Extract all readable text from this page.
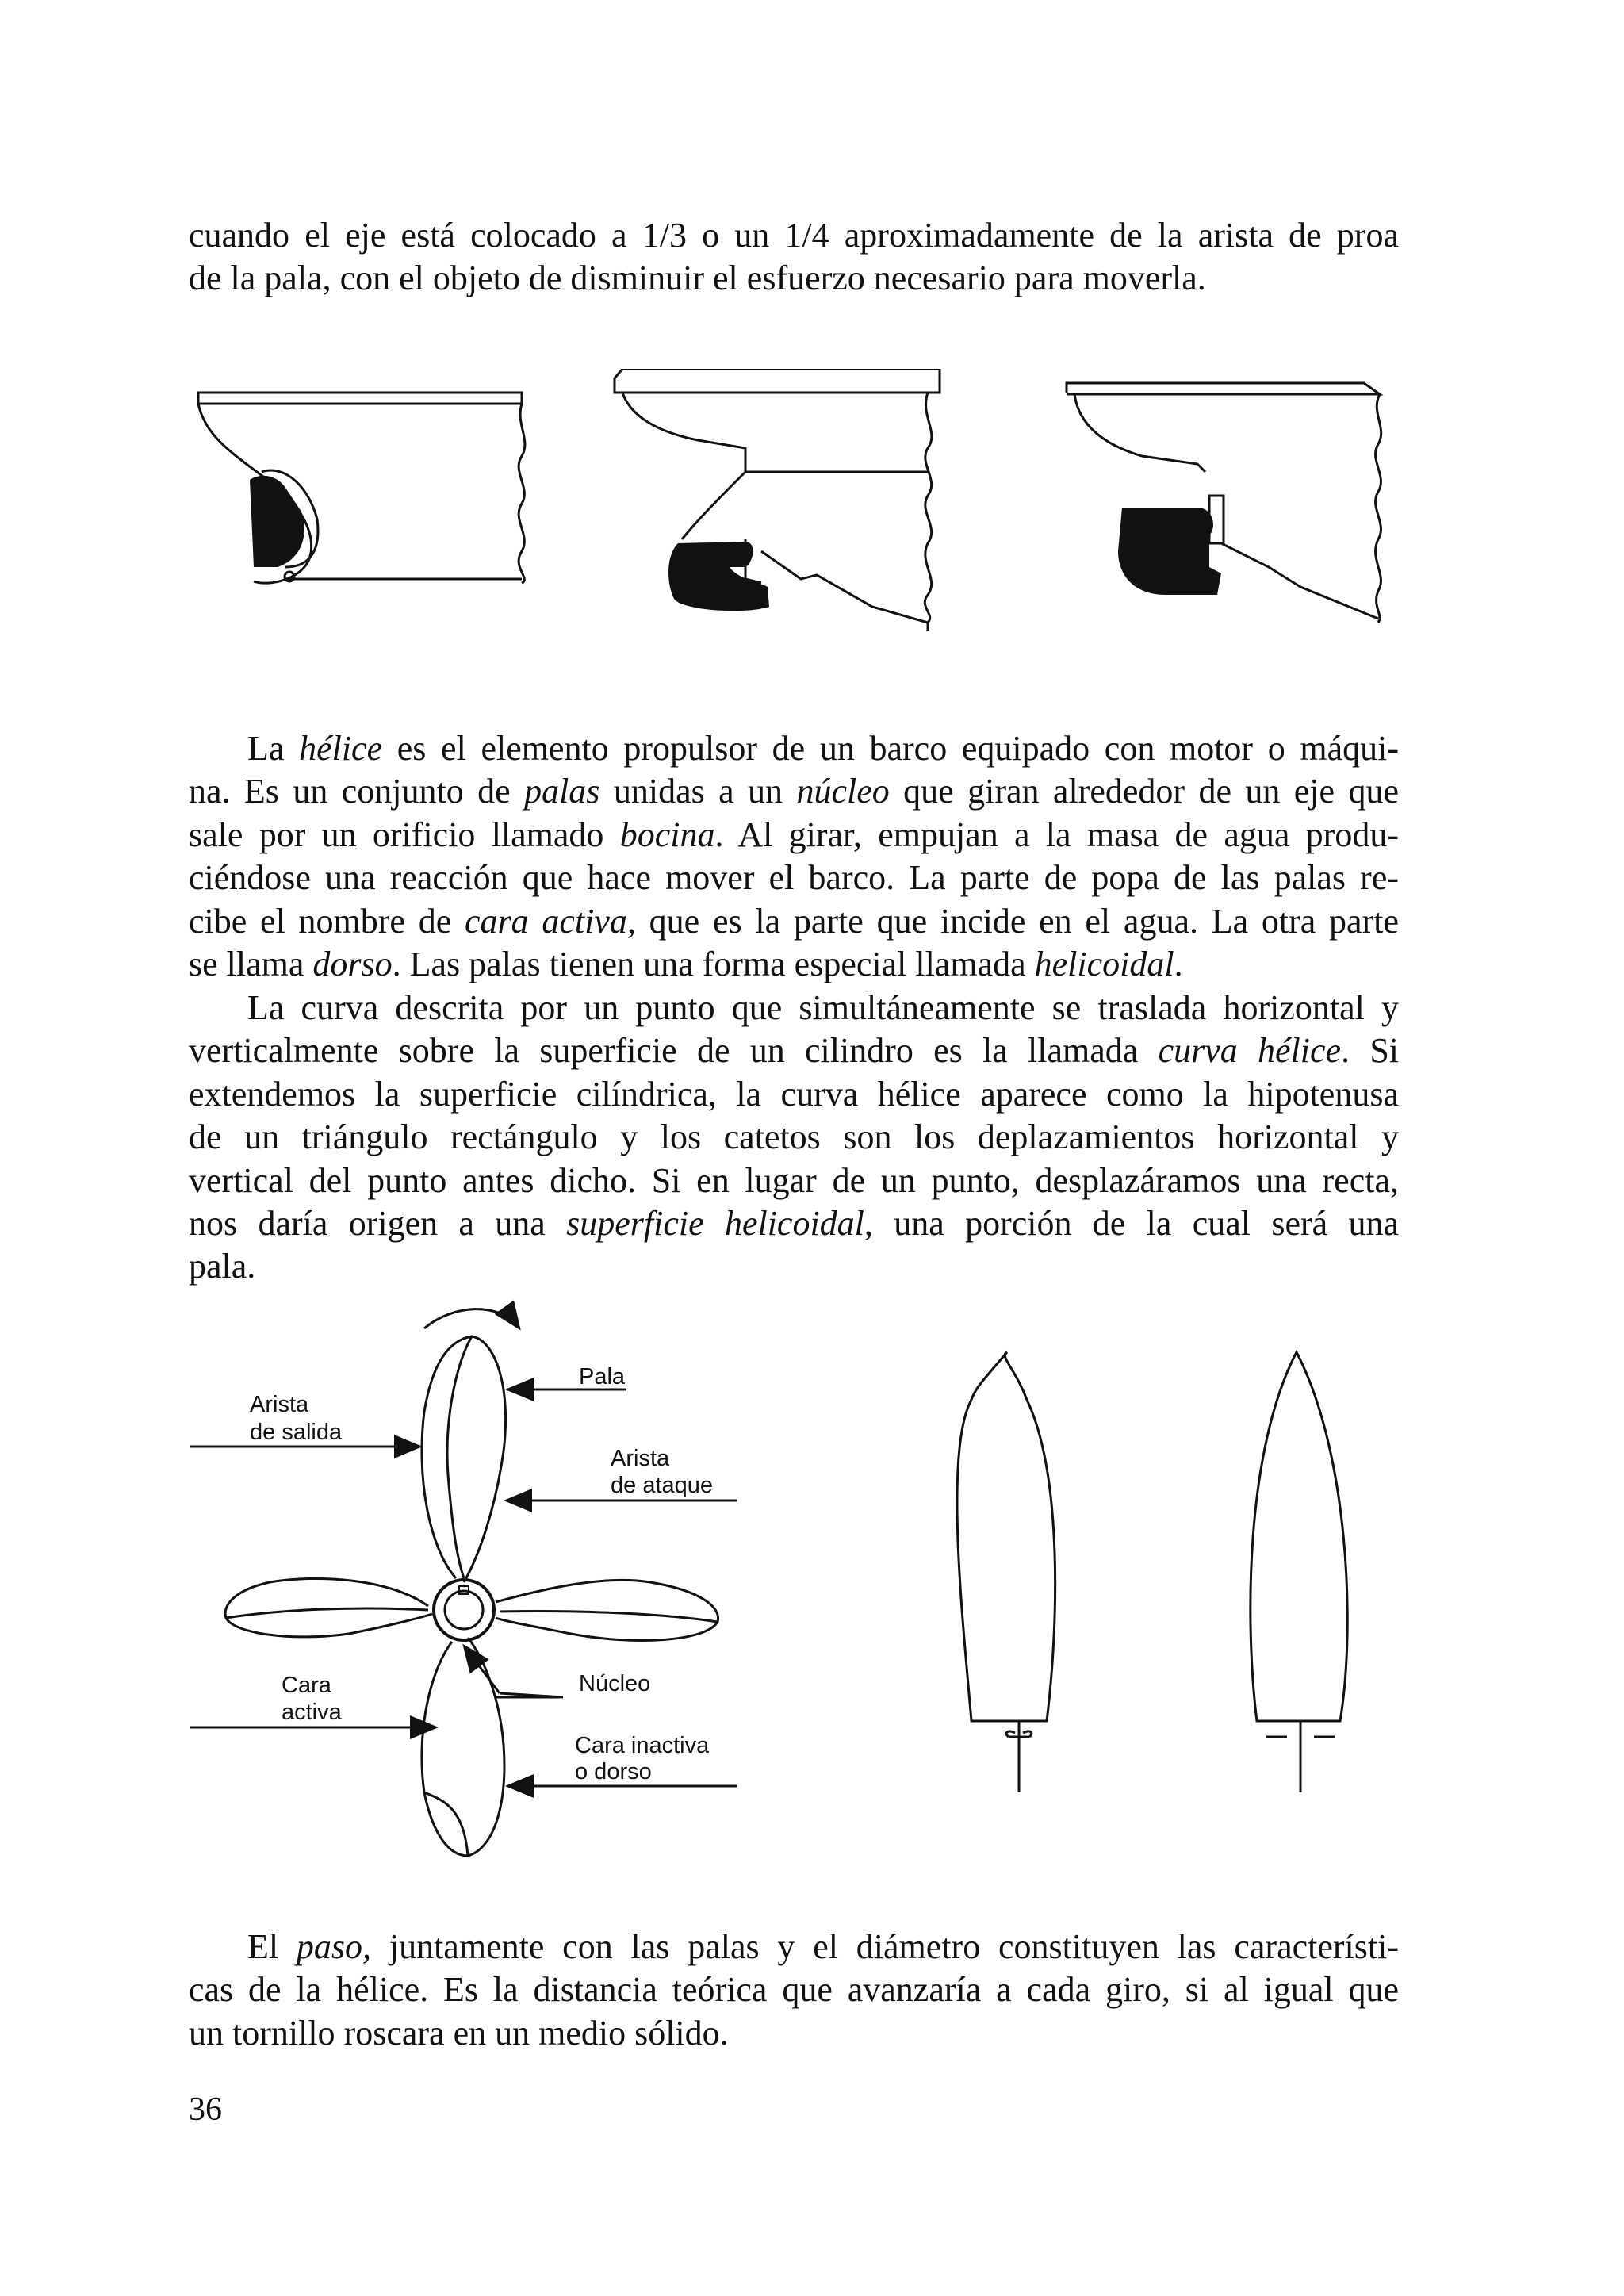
cuando el eje está colocado a 1/3 o un 1/4 aproximadamente de la arista de proa
de la pala, con el objeto de disminuir el esfuerzo necesario para moverla.
La hélice es el elemento propulsor de un barco equipado con motor o máqui-
na. Es un conjunto de palas unidas a un núcleo que giran alrededor de un eje que
sale por un orificio llamado bocina. Al girar, empujan a la masa de agua produ-
ciéndose una reacción que hace mover el barco. La parte de popa de las palas re-
cibe el nombre de cara activa, que es la parte que incide en el agua. La otra parte
se llama dorso. Las palas tienen una forma especial llamada helicoidal.
La curva descrita por un punto que simultáneamente se traslada horizontal y
verticalmente sobre la superficie de un cilindro es la llamada curva hélice. Si
extendemos la superficie cilíndrica, la curva hélice aparece como la hipotenusa
de un triángulo rectángulo y los catetos son los deplazamientos horizontal y
vertical del punto antes dicho. Si en lugar de un punto, desplazáramos una recta,
nos daría origen a una superficie helicoidal, una porción de la cual será una
pala.
Pala
Arista
de salida
Arista
de ataque
Cara
activa
Núcleo
Cara inactiva
o dorso
El paso, juntamente con las palas y el diámetro constituyen las característi-
cas de la hélice. Es la distancia teórica que avanzaría a cada giro, si al igual que
un tornillo roscara en un medio sólido.
36
